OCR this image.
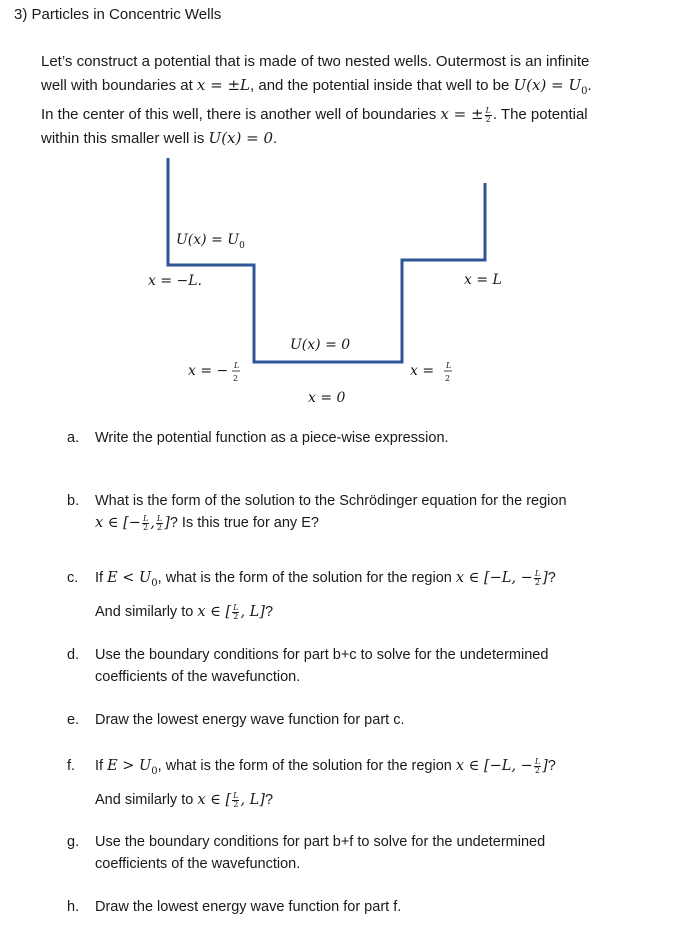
3) Particles in Concentric Wells
Let’s construct a potential that is made of two nested wells. Outermost is an infinite
well with boundaries at x = ±L, and the potential inside that well to be $U(x) = U_0$.
In the center of this well, there is another well of boundaries x = ± $\frac{L}{2}$ . The potential
within this smaller well is U(x) = 0.
$U(x) = U_0$
x = −L.	x = L
U(x) = 0
x = − L
2	x = L
2
x = 0
a. Write the potential function as a piece-wise expression.
b. What is the form of the solution to the Schrödinger equation for the region
x ∈ [− $\frac{L}{2}$ , $\frac{L}{2}$ ]? Is this true for any E?
c. If $E < U_0$, what is the form of the solution for the region x ∈ [−L, − $\frac{L}{2}$ ]?
And similarly to x ∈ [ $\frac{L}{2}$ , L]?
d. Use the boundary conditions for part b+c to solve for the undetermined
coefficients of the wavefunction.
e. Draw the lowest energy wave function for part c.
f. If $E > U_0$, what is the form of the solution for the region x ∈ [−L, − $\frac{L}{2}$ ]?
And similarly to x ∈ [ $\frac{L}{2}$ , L]?
g. Use the boundary conditions for part b+f to solve for the undetermined
coefficients of the wavefunction.
h. Draw the lowest energy wave function for part f.
